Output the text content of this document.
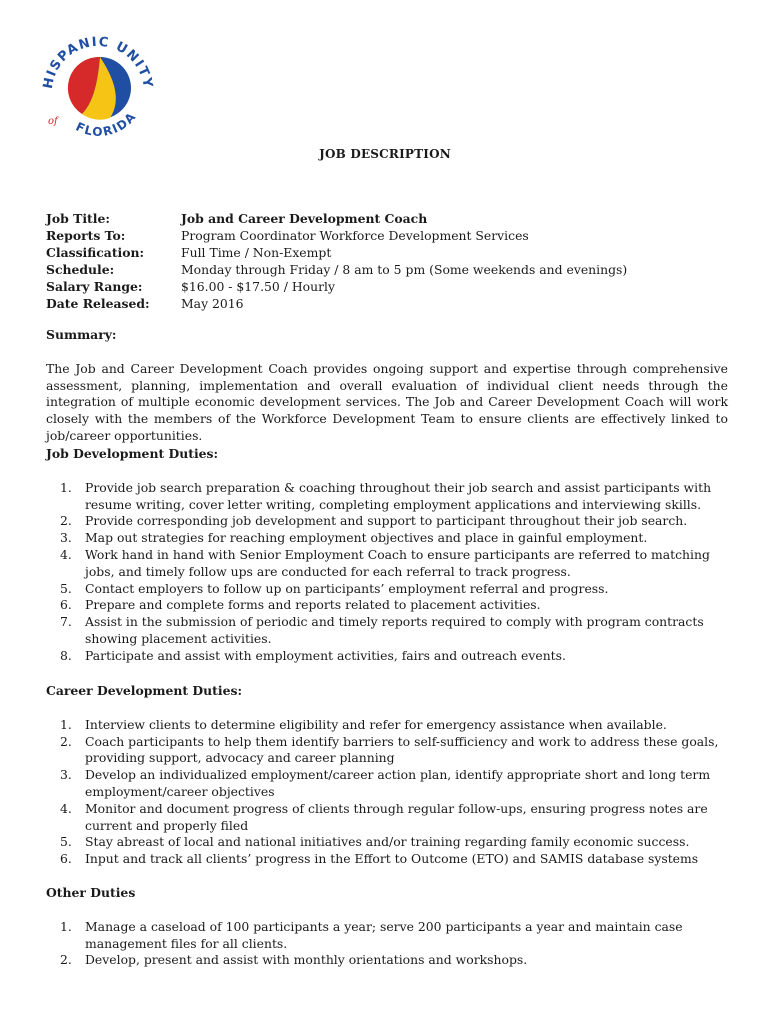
HISPANIC UNITY
of FLORIDA
JOB DESCRIPTION
Job Title:	Job and Career Development Coach
Reports To:	Program Coordinator Workforce Development Services
Classification:	Full Time / Non-Exempt
Schedule:	Monday through Friday / 8 am to 5 pm (Some weekends and evenings)
Salary Range:	$16.00 - $17.50 / Hourly
Date Released:	May 2016
Summary:
The Job and Career Development Coach provides ongoing support and expertise through comprehensive assessment, planning, implementation and overall evaluation of individual client needs through the integration of multiple economic development services. The Job and Career Development Coach will work closely with the members of the Workforce Development Team to ensure clients are effectively linked to job/career opportunities.
Job Development Duties:
1. Provide job search preparation & coaching throughout their job search and assist participants with resume writing, cover letter writing, completing employment applications and interviewing skills.
2. Provide corresponding job development and support to participant throughout their job search.
3. Map out strategies for reaching employment objectives and place in gainful employment.
4. Work hand in hand with Senior Employment Coach to ensure participants are referred to matching jobs, and timely follow ups are conducted for each referral to track progress.
5. Contact employers to follow up on participants’ employment referral and progress.
6. Prepare and complete forms and reports related to placement activities.
7. Assist in the submission of periodic and timely reports required to comply with program contracts showing placement activities.
8. Participate and assist with employment activities, fairs and outreach events.
Career Development Duties:
1. Interview clients to determine eligibility and refer for emergency assistance when available.
2. Coach participants to help them identify barriers to self-sufficiency and work to address these goals, providing support, advocacy and career planning
3. Develop an individualized employment/career action plan, identify appropriate short and long term employment/career objectives
4. Monitor and document progress of clients through regular follow-ups, ensuring progress notes are current and properly filed
5. Stay abreast of local and national initiatives and/or training regarding family economic success.
6. Input and track all clients’ progress in the Effort to Outcome (ETO) and SAMIS database systems
Other Duties
1. Manage a caseload of 100 participants a year; serve 200 participants a year and maintain case management files for all clients.
2. Develop, present and assist with monthly orientations and workshops.
